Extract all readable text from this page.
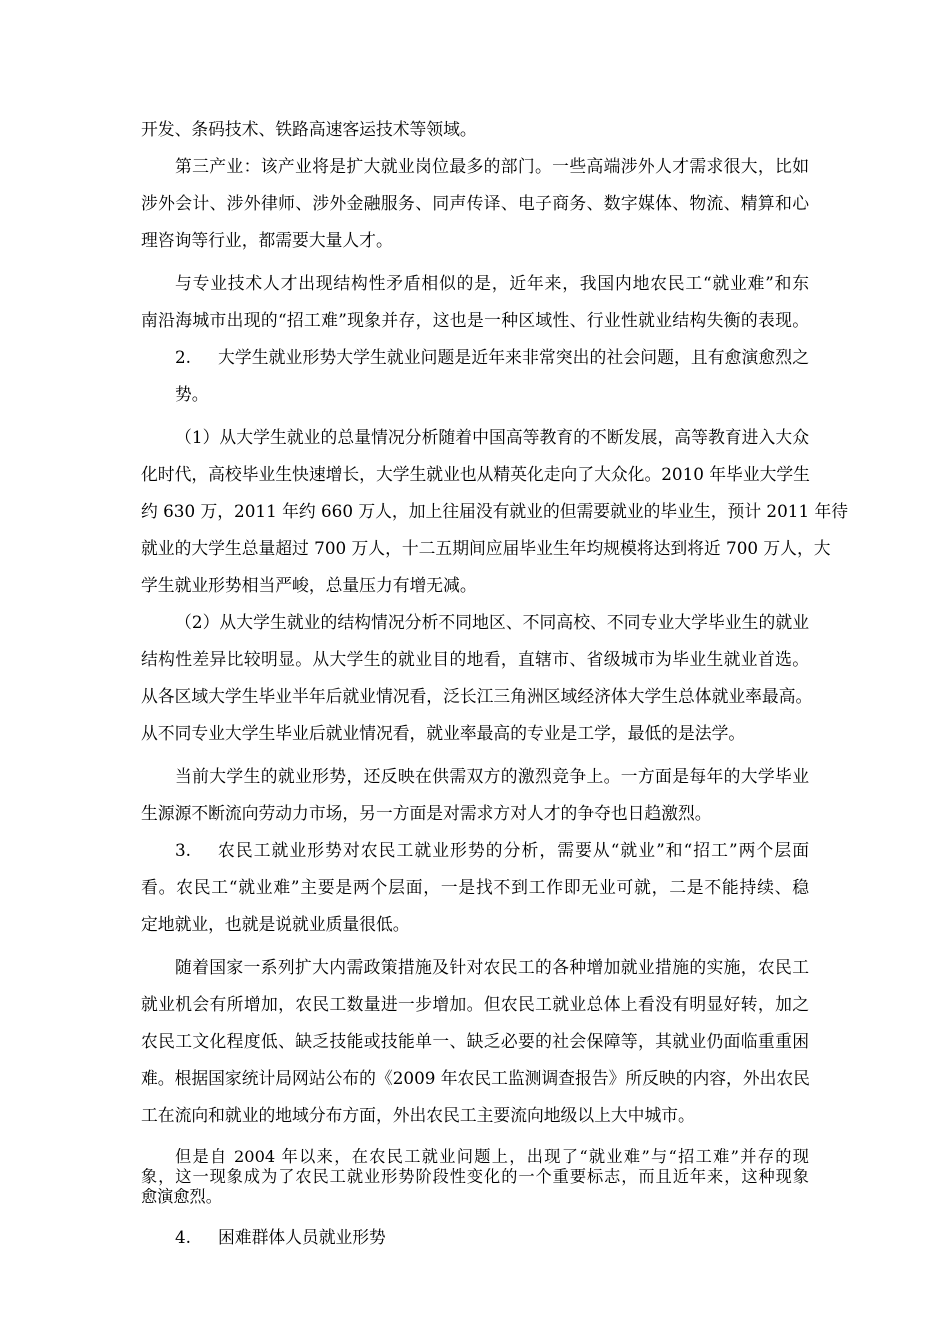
开发、条码技术、铁路高速客运技术等领域。
第三产业：该产业将是扩大就业岗位最多的部门。一些高端涉外人才需求很大，比如
涉外会计、涉外律师、涉外金融服务、同声传译、电子商务、数字媒体、物流、精算和心
理咨询等行业，都需要大量人才。
与专业技术人才出现结构性矛盾相似的是，近年来，我国内地农民工“就业难”和东
南沿海城市出现的“招工难”现象并存，这也是一种区域性、行业性就业结构失衡的表现。
2. 大学生就业形势大学生就业问题是近年来非常突出的社会问题，且有愈演愈烈之
势。
（1）从大学生就业的总量情况分析随着中国高等教育的不断发展，高等教育进入大众
化时代，高校毕业生快速增长，大学生就业也从精英化走向了大众化。2010 年毕业大学生
约 630 万，2011 年约 660 万人，加上往届没有就业的但需要就业的毕业生，预计 2011 年待
就业的大学生总量超过 700 万人，十二五期间应届毕业生年均规模将达到将近 700 万人，大
学生就业形势相当严峻，总量压力有增无减。
（2）从大学生就业的结构情况分析不同地区、不同高校、不同专业大学毕业生的就业
结构性差异比较明显。从大学生的就业目的地看，直辖市、省级城市为毕业生就业首选。
从各区域大学生毕业半年后就业情况看，泛长江三角洲区域经济体大学生总体就业率最高。
从不同专业大学生毕业后就业情况看，就业率最高的专业是工学，最低的是法学。
当前大学生的就业形势，还反映在供需双方的激烈竞争上。一方面是每年的大学毕业
生源源不断流向劳动力市场，另一方面是对需求方对人才的争夺也日趋激烈。
3. 农民工就业形势对农民工就业形势的分析，需要从“就业”和“招工”两个层面
看。农民工“就业难”主要是两个层面，一是找不到工作即无业可就，二是不能持续、稳
定地就业，也就是说就业质量很低。
随着国家一系列扩大内需政策措施及针对农民工的各种增加就业措施的实施，农民工
就业机会有所增加，农民工数量进一步增加。但农民工就业总体上看没有明显好转，加之
农民工文化程度低、缺乏技能或技能单一、缺乏必要的社会保障等，其就业仍面临重重困
难。根据国家统计局网站公布的《2009 年农民工监测调查报告》所反映的内容，外出农民
工在流向和就业的地域分布方面，外出农民工主要流向地级以上大中城市。
但是自 2004 年以来，在农民工就业问题上，出现了“就业难”与“招工难”并存的现
象，这一现象成为了农民工就业形势阶段性变化的一个重要标志，而且近年来，这种现象
愈演愈烈。
4. 困难群体人员就业形势
